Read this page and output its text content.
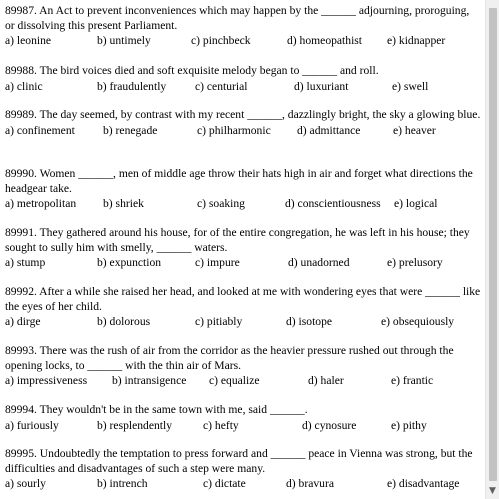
89987. An Act to prevent inconveniences which may happen by the ______ adjourning, proroguing, or dissolving this present Parliament.

a) leonine	b) untimely	c) pinchbeck	d) homeopathist e) kidnapper

89988. The bird voices died and soft exquisite melody began to ______ and roll.

a) clinic	b) fraudulently c) centurial	d) luxuriant	e) swell

89989. The day seemed, by contrast with my recent ______, dazzlingly bright, the sky a glowing blue.

a) confinement b) renegade	c) philharmonic d) admittance	e) heaver

89990. Women ______, men of middle age throw their hats high in air and forget what directions the headgear take.

a) metropolitan b) shriek	c) soaking	d) conscientiousness e) logical

89991. They gathered around his house, for of the entire congregation, he was left in his house; they sought to sully him with smelly, ______ waters.

a) stump	b) expunction	c) impure	d) unadorned	e) prelusory

89992. After a while she raised her head, and looked at me with wondering eyes that were ______ like the eyes of her child.

a) dirge	b) dolorous	c) pitiably	d) isotope	e) obsequiously

89993. There was the rush of air from the corridor as the heavier pressure rushed out through the opening locks, to ______ with the thin air of Mars.

a) impressiveness b) intransigence c) equalize	d) haler	e) frantic

89994. They wouldn't be in the same town with me, said ______.

a) furiously	b) resplendently	c) hefty	d) cynosure	e) pithy

89995. Undoubtedly the temptation to press forward and ______ peace in Vienna was strong, but the difficulties and disadvantages of such a step were many.

a) sourly	b) intrench	c) dictate	d) bravura	e) disadvantage
▼
